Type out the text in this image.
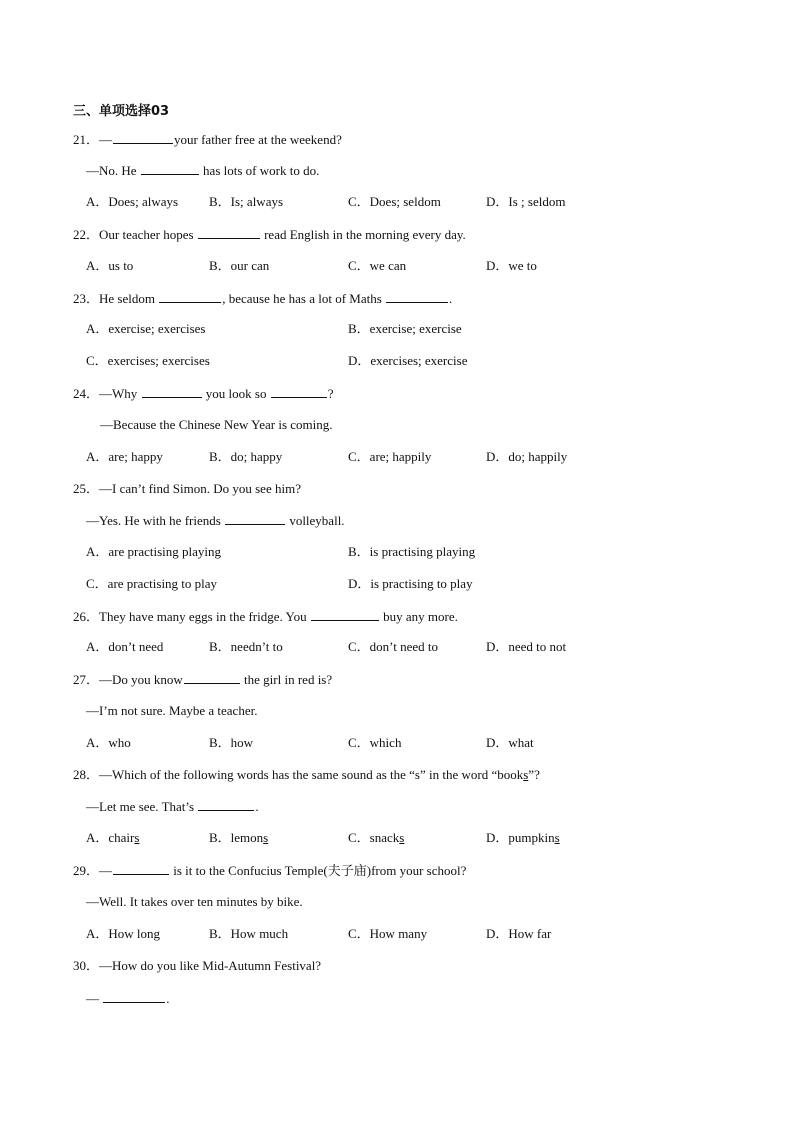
三、单项选择03
21．—	your father free at the weekend?
—No. He	has lots of work to do.
A．Does; always B．Is; always	C．Does; seldom	D．Is ; seldom
22．Our teacher hopes	read English in the morning every day.
A．us to	B．our can	C．we can	D．we to
23．He seldom	, because he has a lot of Maths	.
A．exercise; exercises	B．exercise; exercise
C．exercises; exercises	D．exercises; exercise
24．—Why	you look so	?
—Because the Chinese New Year is coming.
A．are; happy	B．do; happy	C．are; happily	D．do; happily
25．—I can’t find Simon. Do you see him?
—Yes. He with he friends	volleyball.
A．are practising playing	B．is practising playing
C．are practising to play	D．is practising to play
26．They have many eggs in the fridge. You	buy any more.
A．don’t need	B．needn’t to	C．don’t need to	D．need to not
27．—Do you know	the girl in red is?
—I’m not sure. Maybe a teacher.
A．who	B．how	C．which	D．what
28．—Which of the following words has the same sound as the “s” in the word “books”?
—Let me see. That’s	.
A．chairs	B．lemons	C．snacks	D．pumpkins
29．—	is it to the Confucius Temple(夫子庙)from your school?
—Well. It takes over ten minutes by bike.
A．How long	B．How much	C．How many	D．How far
30．—How do you like Mid-Autumn Festival?
—	.
